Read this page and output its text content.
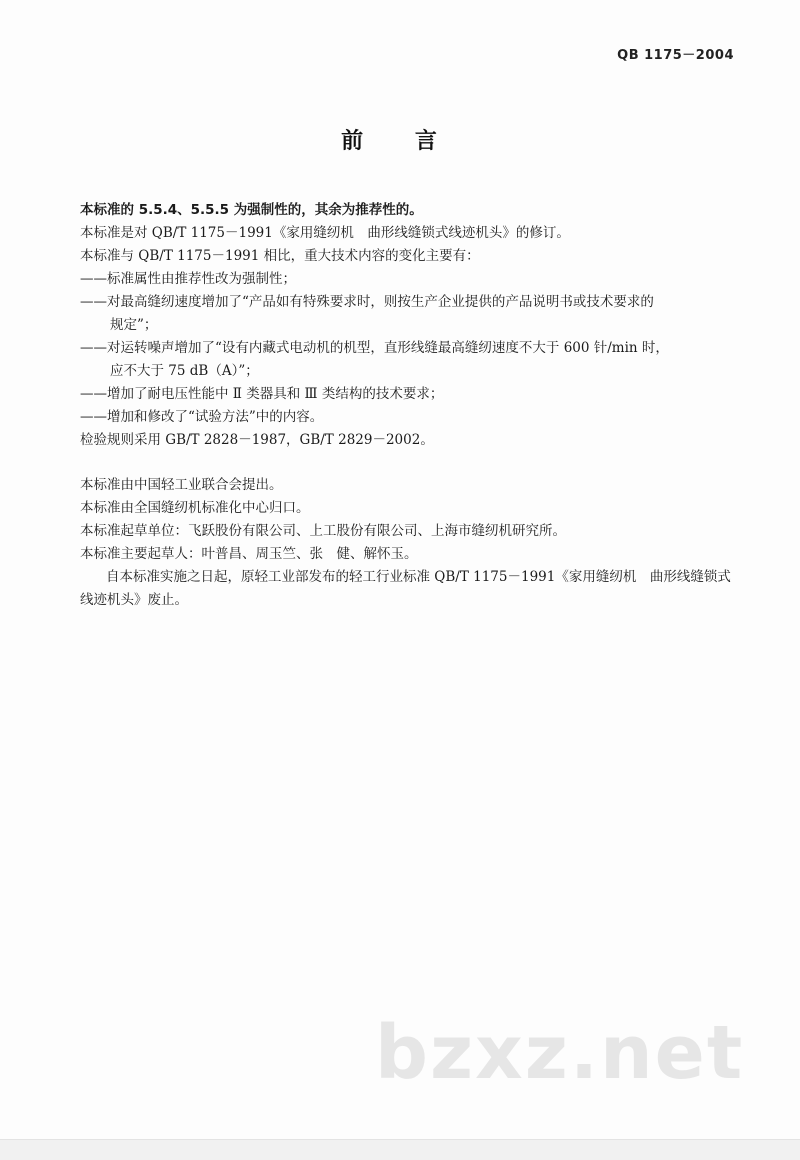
QB 1175－2004
前 言
本标准的 5.5.4、5.5.5 为强制性的，其余为推荐性的。
本标准是对 QB/T 1175－1991《家用缝纫机　曲形线缝锁式线迹机头》的修订。
本标准与 QB/T 1175－1991 相比，重大技术内容的变化主要有：
——标准属性由推荐性改为强制性；
——对最高缝纫速度增加了“产品如有特殊要求时，则按生产企业提供的产品说明书或技术要求的
规定”；
——对运转噪声增加了“设有内藏式电动机的机型，直形线缝最高缝纫速度不大于 600 针/min 时，
应不大于 75 dB（A）”；
——增加了耐电压性能中 Ⅱ 类器具和 Ⅲ 类结构的技术要求；
——增加和修改了“试验方法”中的内容。
检验规则采用 GB/T 2828－1987，GB/T 2829－2002。
本标准由中国轻工业联合会提出。
本标准由全国缝纫机标准化中心归口。
本标准起草单位：飞跃股份有限公司、上工股份有限公司、上海市缝纫机研究所。
本标准主要起草人：叶普昌、周玉竺、张　健、解怀玉。
自本标准实施之日起，原轻工业部发布的轻工行业标准 QB/T 1175－1991《家用缝纫机　曲形线缝锁式线迹机头》废止。
bzxz.net
